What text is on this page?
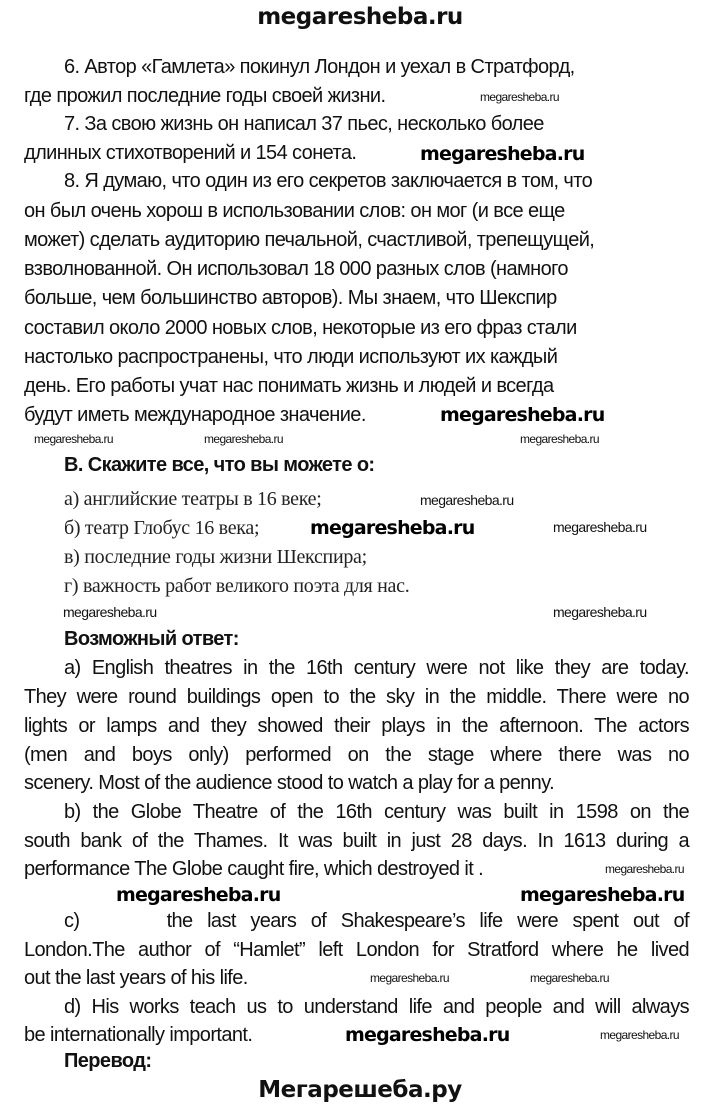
megaresheba.ru
6. Автор «Гамлета» покинул Лондон и уехал в Стратфорд,
где прожил последние годы своей жизни.
7. За свою жизнь он написал 37 пьес, несколько более
длинных стихотворений и 154 сонета.
8. Я думаю, что один из его секретов заключается в том, что
он был очень хорош в использовании слов: он мог (и все еще
может) сделать аудиторию печальной, счастливой, трепещущей,
взволнованной. Он использовал 18 000 разных слов (намного
больше, чем большинство авторов). Мы знаем, что Шекспир
составил около 2000 новых слов, некоторые из его фраз стали
настолько распространены, что люди используют их каждый
день. Его работы учат нас понимать жизнь и людей и всегда
будут иметь международное значение.
B. Скажите все, что вы можете о:
а) английские театры в 16 веке;
б) театр Глобус 16 века;
в) последние годы жизни Шекспира;
г) важность работ великого поэта для нас.
Возможный ответ:
a) English theatres in the 16th century were not like they are today.
They were round buildings open to the sky in the middle. There were no
lights or lamps and they showed their plays in the afternoon. The actors
(men and boys only) performed on the stage where there was no
scenery. Most of the audience stood to watch a play for a penny.
b) the Globe Theatre of the 16th century was built in 1598 on the
south bank of the Thames. It was built in just 28 days. In 1613 during a
performance The Globe caught fire, which destroyed it .
c)      the last years of Shakespeare’s life were spent out of
London.The author of “Hamlet” left London for Stratford where he lived
out the last years of his life.
d) His works teach us to understand life and people and will always
be internationally important.
Перевод:
Мегарешеба.ру
megaresheba.ru
megaresheba.ru
megaresheba.ru	megaresheba.ru	megaresheba.ru
megaresheba.ru
megaresheba.ru
megaresheba.ru	megaresheba.ru
megaresheba.ru	megaresheba.ru
megaresheba.ru
megaresheba.ru	megaresheba.ru
megaresheba.ru	megaresheba.ru
megaresheba.ru	megaresheba.ru
